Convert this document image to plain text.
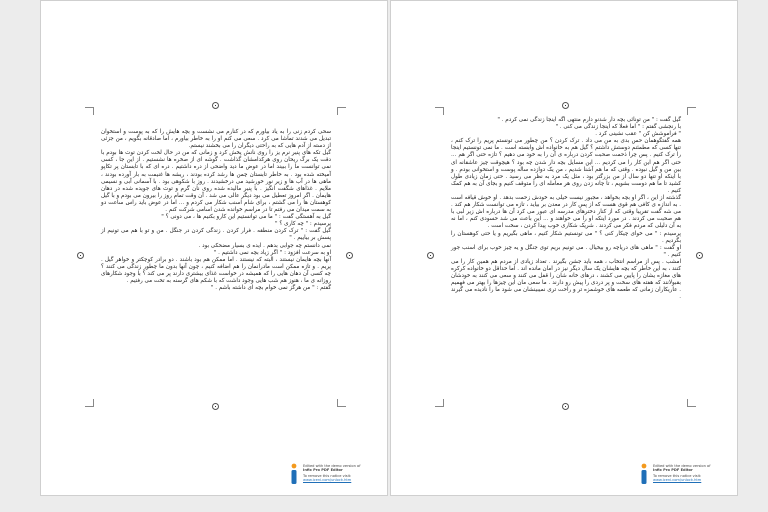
سحی کردم زنی را به یاد بیاورم که در کنارم می نشست و بچه هایش را که به پوست و استخوان تبدیل می شدند تماشا می کرد . سعی می کنم او را به خاطر بیاورم ، اما صادقانه بگویم ، من جزئی از دسته از آدم هایی که به راحتی دیگران را می بخشند نیستم.

گیل تکه های پنیر نرم یز را روی نانش پخش کرد و زمانی که من در حال لخت کردن توت ها بودم با دقت یک برگ ریحان روی هرکدامشان گذاشت . گوشه ای از صخره ها نشستیم . از این جا ، کسی نمی توانست ما را ببیند اما در عوض ما دید واضحی از دره داشتیم . دره ای که با تابستان پر تکاپو آمیخته شده بود . به خاطر تابستان چمن ها رشد کرده بودند ، ریشه ها غنیمت به بار آورده بودند ، ماهی ها در آب ها و زیر نور خورشید می درخشیدند . روز با شکوهی بود . با آسمانی آبی و نسیمی ملایم . غذاهای شگفت انگیز . با پنیر مالیده شده روی نان گرم و توت های جویده شده در دهان هایمان . اگر امروز تعطیل می بود دیگر عالی می شد . آن وقت تمام روز را بیرون می بودم و با گیل کوهستان ها را می گشتم ، برای شام اسنب شکار می کردم و ... اما در عوض باید راس ساعت دو به سمت میدان می رفتم تا در مراسم خوانده شدن اسامی شرکت کنم .

گیل به آهستگی گفت : " ما می توانستیم این کارو بکنیم ها ، می دونی ؟ "

پرسیدم : " چه کاری ؟ "

گیل گفت : " ترک کردن منطقه . فرار کردن . زندگی کردن در جنگل . من و تو با هم می تونیم از پسش بر بیاییم . "

نمی دانستم چه جوابی بدهم . ایده ی بسیار مضحکی بود .

او به سرعت افزود : " اگر زیاد بچه نمی داشتیم . "

آنها بچه هایمان نیستند ، البته که نیستند . اما ممکن هم بود باشند . دو برادر کوچکتر و خواهر گیل . پریم . و تازه ممکن است مادرانمان را هم اضافه کنیم ، چون آنها بدون ما چطور زندگی می کنند ؟ چه کسی آن دهان هایی را که همیشه در خواست غذای بیشتری دارند پر می کند ؟ با وجود شکارهای روزانه ی ما ، هنوز هم شب هایی وجود داشت که با شکم های گرسنه به تخت می رفتیم .

گفتم : " من هرگز نمی خوام بچه ای داشته باشم . "

Edited with the demo version of
Infix Pro PDF Editor
To remove this notice visit:
www.iceni.com/unlock.htm

گیل گفت : " من تونائی بچه دار شدنو دارم منتهی اگه اینجا زندگی نمی کردم . "

با رنجشی گفتم : " اما فعلا که اینجا زندگی می کنی . "

" فراموشش کن " عقب نشینی کرد .

همه گفتگوهمان حس بدی به من می داد . ترک کردن ؟ من چطور می تونستم پریم را ترک کنم ، تنها کسی که مطمئنم دوستش داشتم ؟ گیل هم به خانواده اش وابسته است . ما نمی تونستیم اینجا را ترک کنیم . پس چرا ذحمت صحبت کردن درباره ی آن را به خود می دهیم ؟ تازه حتی اگر هم ... حتی اگر هم این کار را می کردیم ... این مسایل بچه دار شدن چه بود ؟ هیچوقت چیز عاشقانه ای بین من و گیل نبوده . وقتی که ما هم آشنا شدیم ، من یک دوازده ساله پوست و استخوانی بودم . و با اینکه او تنها دو سال از من بزرگتر بود ، مثل یک مرد به نظر می رسید . حتی زمان زیادی طول کشید تا ما هم دوست بشویم ، تا چانه زدن روی هر معامله ای را متوقف کنیم و بجای آن به هم کمک کنیم .

گذشته از این ، اگر او بچه بخواهد ، مجبور نیست خیلی به خودش زحمت بدهد . او خوش قیافه است . به اندازه ی کافی هم قوی هست که از پس کار در معدن بر بیاید ، تازه می توانست شکار هم کند . می شه گفت تقریبا وقتی که از کنار دخترهای مدرسه ای عبور می کرد آن ها درباره اش زیر لبی با هم صحبت می کردند . در مورد اینکه او را می خواهند و ... این باعث می شد حسودی کنم ، اما نه به آن دلیلی که مردم فکر می کردند . شریک شکاری خوب پیدا کردن ، سخت است .

پرسیدم : " می خوای چیکار کنی ؟ " می تونستیم شکار کنیم ، ماهی بگیریم و یا حتی کوهستان را بگردیم .

او گفت : " ماهی های دریاچه رو بیخیال . می تونیم بریم توی جنگل و یه چیز خوب برای اسنب جور کنیم . "

امشب . پس از مراسم انتخاب ، همه باید جشن بگیرند . تعداد زیادی از مردم هم همین کار را می کنند ، به این خاطر که بچه هایشان یک سال دیگر نیز در امان مانده اند . اما حداقل دو خانواده کرکره های مغازه یشان را پایین می کشند ، درهای خانه شان را قفل می کنند و سعی می کنند به خودشان بقبولانند که هفته های سخت و پر دردی را پیش رو دارند . ما سعی مان این چیزها را بهتر می فهمیم . عاریکاران زمانی که طعمه های خوشمزه تر و راحت تری نمیبینشان می شود ما را نادیده می گیرند .

Edited with the demo version of
Infix Pro PDF Editor
To remove this notice visit:
www.iceni.com/unlock.htm
